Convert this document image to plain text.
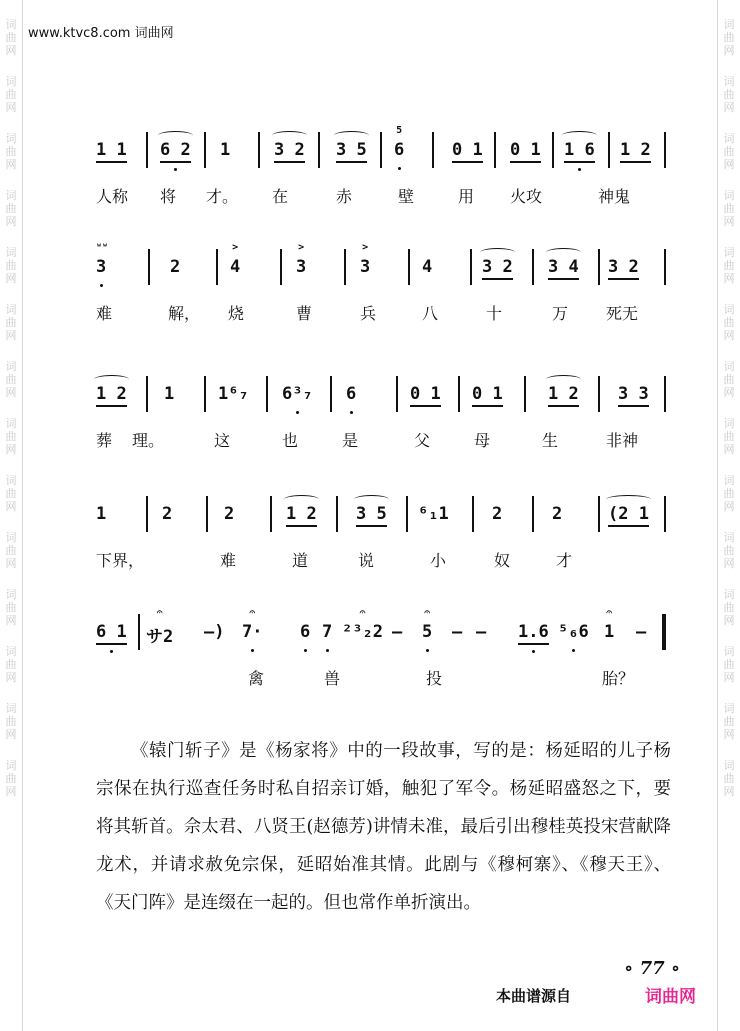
词
曲
网
词
曲
网
词
曲
网
词
曲
网
词
曲
网
词
曲
网
词
曲
网
词
曲
网
词
曲
网
词
曲
网
词
曲
网
词
曲
网
词
曲
网
词
曲
网
词
曲
网
词
曲
网
词
曲
网
词
曲
网
词
曲
网
词
曲
网
词
曲
网
词
曲
网
词
曲
网
词
曲
网
词
曲
网
词
曲
网
词
曲
网
词
曲
网
www.ktvc8.com 词曲网
1 1 6 2 1	3 2 3 5 6
5
0 1 0 1 1 6 1 2
人称 将 才。 在	赤	壁	用 火攻	神鬼
3
ʷʷ
2	4
>
3
>
3
>
4	3 2 3 4 3 2
难	解， 烧	曹	兵	八	十	万 死无
1 2 1	1⁶₇ 6³₇ 6	0 1 0 1	1 2 3 3
葬 理。	这	也	是	父	母	生	非神
1	2	2	1 2 3 5 ⁶₁1	2	2	(2 1
下界，	难	道	说	小	奴	才
6 1 サ2
𝄐
–) 7·
𝄐
6 7 ²³₂2
𝄐
– 5
𝄐
– – 1.6 ⁵₆6 1
𝄐
–
禽	兽	投	胎？

《辕门斩子》是《杨家将》中的一段故事，写的是：杨延昭的儿子杨宗保在执行巡查任务时私自招亲订婚，触犯了军令。杨延昭盛怒之下，要将其斩首。佘太君、八贤王(赵德芳)讲情未准，最后引出穆桂英投宋营献降龙术，并请求赦免宗保，延昭始准其情。此剧与《穆柯寨》、《穆天王》、《天门阵》是连缀在一起的。但也常作单折演出。

∘ 77 ∘
本曲谱源自	词曲网
